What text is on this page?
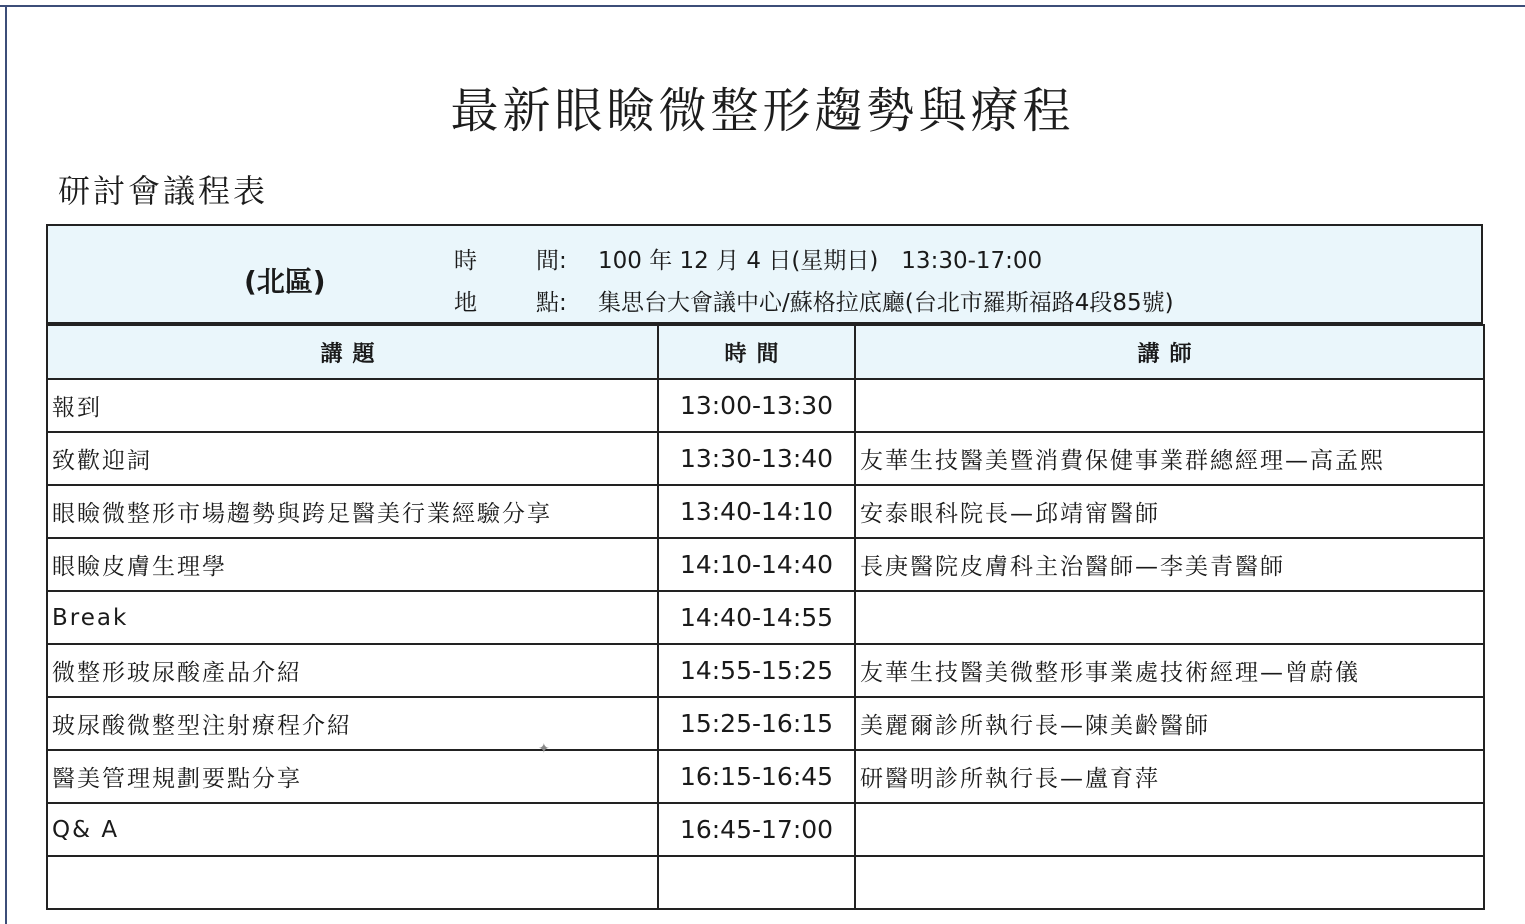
最新眼瞼微整形趨勢與療程
研討會議程表
(北區)
時	間: 100 年 12 月 4 日(星期日)　13:30-17:00
地	點: 集思台大會議中心/蘇格拉底廳(台北市羅斯福路4段85號)
講題	時間	講師
報到	13:00-13:30	
致歡迎詞	13:30-13:40	友華生技醫美暨消費保健事業群總經理—高孟熙
眼瞼微整形市場趨勢與跨足醫美行業經驗分享	13:40-14:10	安泰眼科院長—邱靖甯醫師
眼瞼皮膚生理學	14:10-14:40	長庚醫院皮膚科主治醫師—李美青醫師
Break	14:40-14:55	
微整形玻尿酸產品介紹	14:55-15:25	友華生技醫美微整形事業處技術經理—曾蔚儀
玻尿酸微整型注射療程介紹	15:25-16:15	美麗爾診所執行長—陳美齡醫師
醫美管理規劃要點分享	16:15-16:45	研醫明診所執行長—盧育萍
Q& A	16:45-17:00	

✦
